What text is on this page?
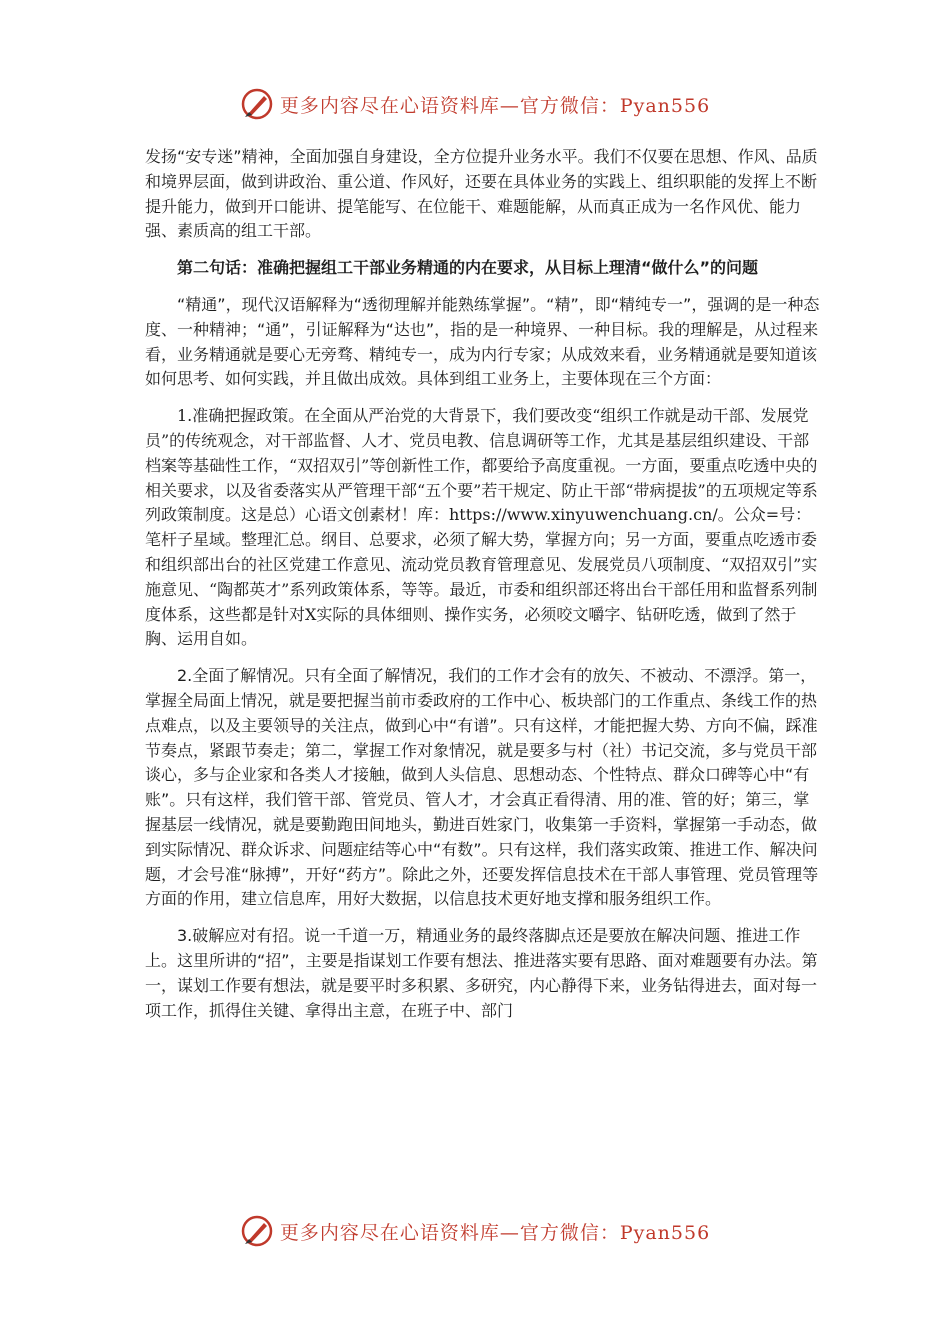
更多内容尽在心语资料库—官方微信：Pyan556

发扬“安专迷”精神，全面加强自身建设，全方位提升业务水平。我们不仅要在思想、作风、品质和境界层面，做到讲政治、重公道、作风好，还要在具体业务的实践上、组织职能的发挥上不断提升能力，做到开口能讲、提笔能写、在位能干、难题能解，从而真正成为一名作风优、能力强、素质高的组工干部。

第二句话：准确把握组工干部业务精通的内在要求，从目标上理清“做什么”的问题

“精通”，现代汉语解释为“透彻理解并能熟练掌握”。“精”，即“精纯专一”，强调的是一种态度、一种精神；“通”，引证解释为“达也”，指的是一种境界、一种目标。我的理解是，从过程来看，业务精通就是要心无旁骛、精纯专一，成为内行专家；从成效来看，业务精通就是要知道该如何思考、如何实践，并且做出成效。具体到组工业务上，主要体现在三个方面：

1.准确把握政策。在全面从严治党的大背景下，我们要改变“组织工作就是动干部、发展党员”的传统观念，对干部监督、人才、党员电教、信息调研等工作，尤其是基层组织建设、干部档案等基础性工作，“双招双引”等创新性工作，都要给予高度重视。一方面，要重点吃透中央的相关要求，以及省委落实从严管理干部“五个要”若干规定、防止干部“带病提拔”的五项规定等系列政策制度。这是总）心语文创素材！库：https://www.xinyuwenchuang.cn/。公众=号：笔杆子星域。整理汇总。纲目、总要求，必须了解大势，掌握方向；另一方面，要重点吃透市委和组织部出台的社区党建工作意见、流动党员教育管理意见、发展党员八项制度、“双招双引”实施意见、“陶都英才”系列政策体系，等等。最近，市委和组织部还将出台干部任用和监督系列制度体系，这些都是针对X实际的具体细则、操作实务，必须咬文嚼字、钻研吃透，做到了然于胸、运用自如。

2.全面了解情况。只有全面了解情况，我们的工作才会有的放矢、不被动、不漂浮。第一，掌握全局面上情况，就是要把握当前市委政府的工作中心、板块部门的工作重点、条线工作的热点难点，以及主要领导的关注点，做到心中“有谱”。只有这样，才能把握大势、方向不偏，踩准节奏点，紧跟节奏走；第二，掌握工作对象情况，就是要多与村（社）书记交流，多与党员干部谈心，多与企业家和各类人才接触，做到人头信息、思想动态、个性特点、群众口碑等心中“有账”。只有这样，我们管干部、管党员、管人才，才会真正看得清、用的准、管的好；第三，掌握基层一线情况，就是要勤跑田间地头，勤进百姓家门，收集第一手资料，掌握第一手动态，做到实际情况、群众诉求、问题症结等心中“有数”。只有这样，我们落实政策、推进工作、解决问题，才会号准“脉搏”，开好“药方”。除此之外，还要发挥信息技术在干部人事管理、党员管理等方面的作用，建立信息库，用好大数据，以信息技术更好地支撑和服务组织工作。

3.破解应对有招。说一千道一万，精通业务的最终落脚点还是要放在解决问题、推进工作上。这里所讲的“招”，主要是指谋划工作要有想法、推进落实要有思路、面对难题要有办法。第一，谋划工作要有想法，就是要平时多积累、多研究，内心静得下来，业务钻得进去，面对每一项工作，抓得住关键、拿得出主意，在班子中、部门

更多内容尽在心语资料库—官方微信：Pyan556
